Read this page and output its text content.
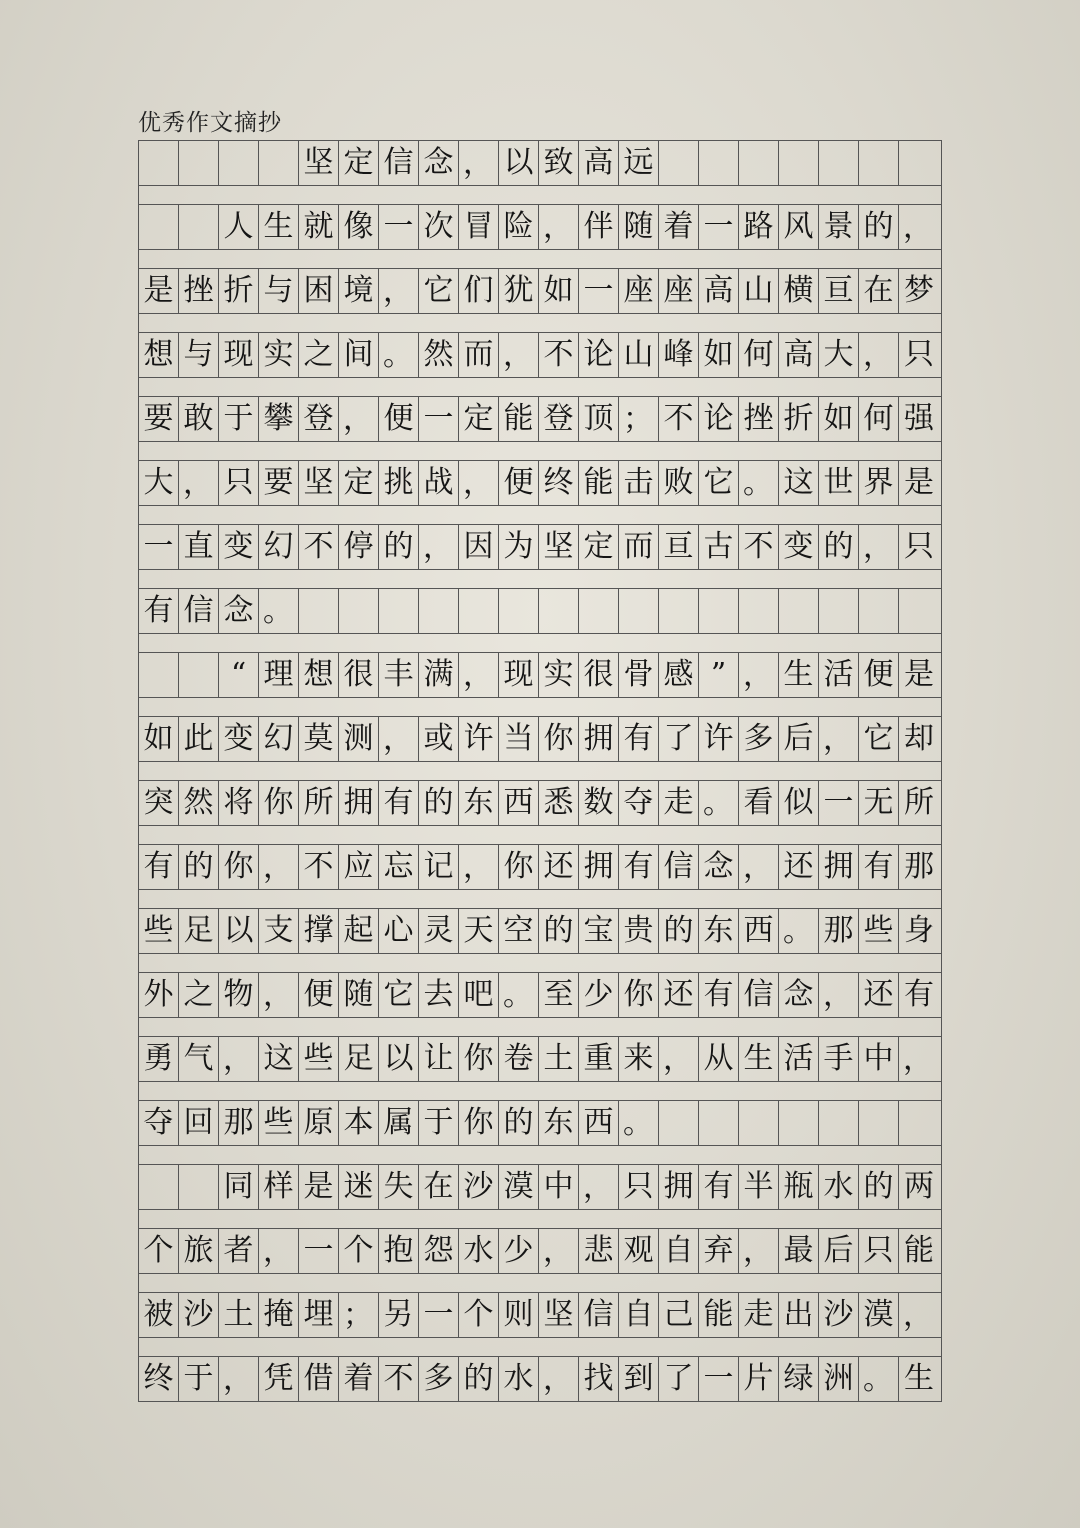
优秀作文摘抄
坚 定 信 念 ， 以 致 高 远
人 生 就 像 一 次 冒 险 ， 伴 随 着 一 路 风 景 的 ，
是 挫 折 与 困 境 ， 它 们 犹 如 一 座 座 高 山 横 亘 在 梦
想 与 现 实 之 间 。 然 而 ， 不 论 山 峰 如 何 高 大 ， 只
要 敢 于 攀 登 ， 便 一 定 能 登 顶 ； 不 论 挫 折 如 何 强
大 ， 只 要 坚 定 挑 战 ， 便 终 能 击 败 它 。 这 世 界 是
一 直 变 幻 不 停 的 ， 因 为 坚 定 而 亘 古 不 变 的 ， 只
有 信 念 。
“ 理 想 很 丰 满 ， 现 实 很 骨 感 ” ， 生 活 便 是
如 此 变 幻 莫 测 ， 或 许 当 你 拥 有 了 许 多 后 ， 它 却
突 然 将 你 所 拥 有 的 东 西 悉 数 夺 走 。 看 似 一 无 所
有 的 你 ， 不 应 忘 记 ， 你 还 拥 有 信 念 ， 还 拥 有 那
些 足 以 支 撑 起 心 灵 天 空 的 宝 贵 的 东 西 。 那 些 身
外 之 物 ， 便 随 它 去 吧 。 至 少 你 还 有 信 念 ， 还 有
勇 气 ， 这 些 足 以 让 你 卷 土 重 来 ， 从 生 活 手 中 ，
夺 回 那 些 原 本 属 于 你 的 东 西 。
同 样 是 迷 失 在 沙 漠 中 ， 只 拥 有 半 瓶 水 的 两
个 旅 者 ， 一 个 抱 怨 水 少 ， 悲 观 自 弃 ， 最 后 只 能
被 沙 土 掩 埋 ； 另 一 个 则 坚 信 自 己 能 走 出 沙 漠 ，
终 于 ， 凭 借 着 不 多 的 水 ， 找 到 了 一 片 绿 洲 。 生
